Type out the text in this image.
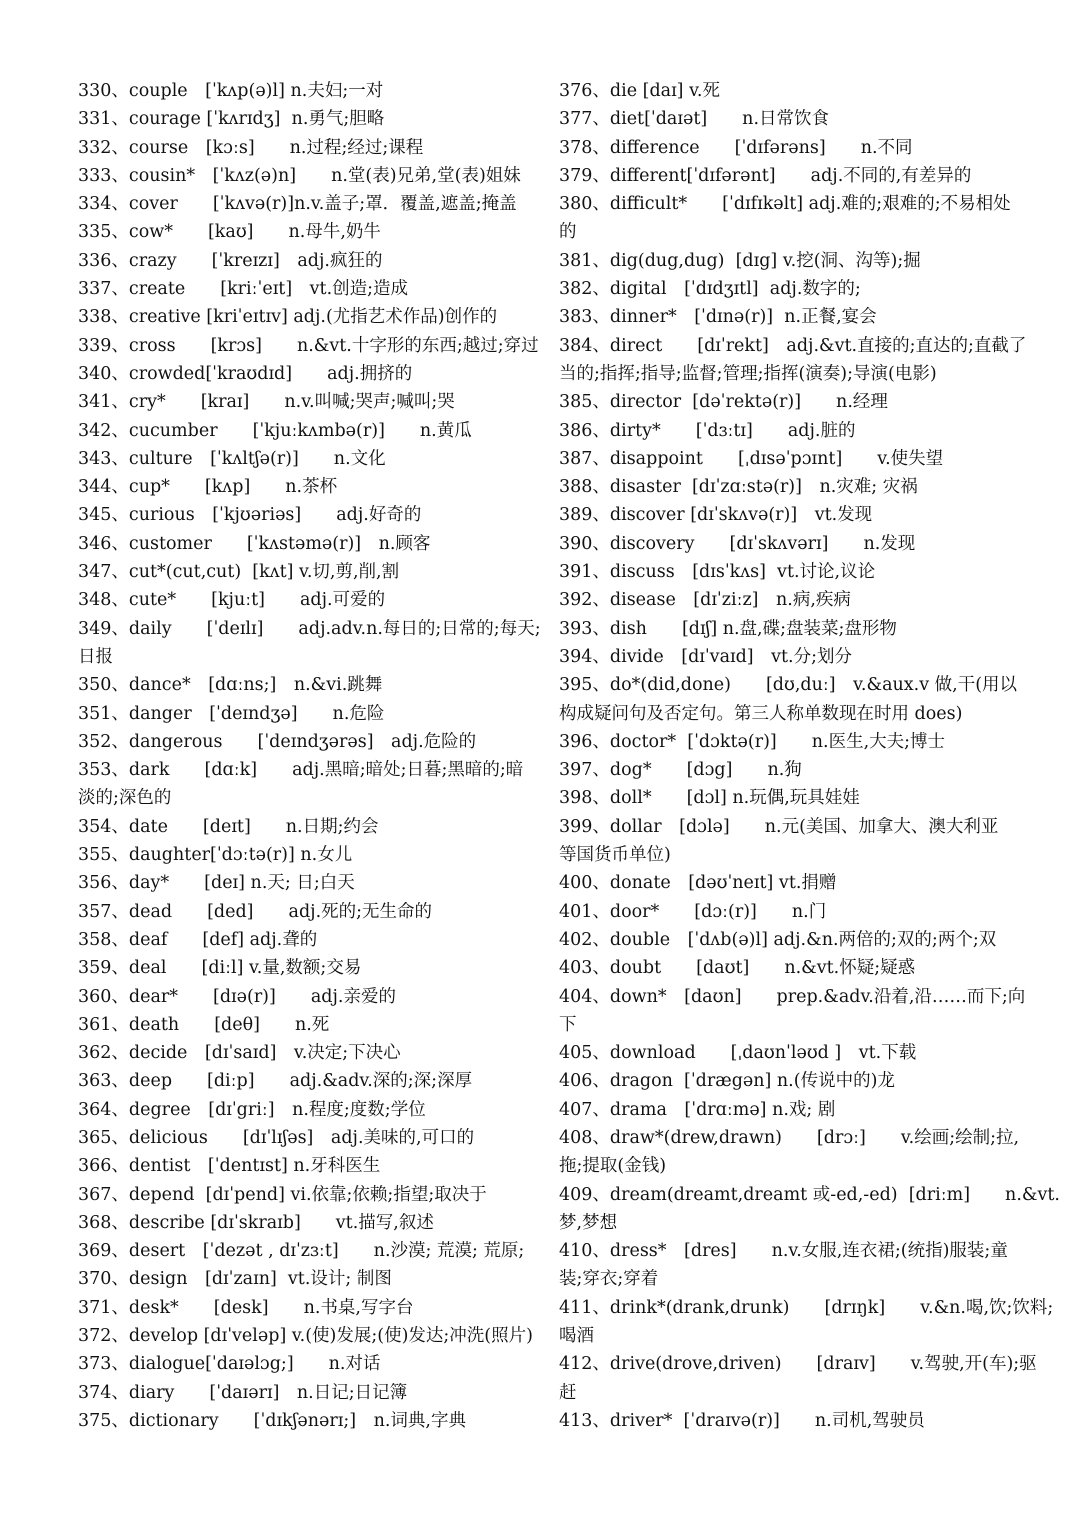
330、couple　[ˈkʌp(ə)l] n.夫妇;一对
331、courage [ˈkʌrɪdʒ]  n.勇气;胆略
332、course　[kɔːs]　　n.过程;经过;课程
333、cousin*　[ˈkʌz(ə)n]　　n.堂(表)兄弟,堂(表)姐妹
334、cover　　[ˈkʌvə(r)]n.v.盖子;罩．覆盖,遮盖;掩盖
335、cow*　　[kaʊ]　　n.母牛,奶牛
336、crazy　　[ˈkreɪzɪ]　adj.疯狂的
337、create　　[kriːˈeɪt]　vt.创造;造成
338、creative [kriˈeɪtɪv] adj.(尤指艺术作品)创作的
339、cross　　[krɔs]　　n.&vt.十字形的东西;越过;穿过
340、crowded[ˈkraʊdɪd]　　adj.拥挤的
341、cry*　　[kraɪ]　　n.v.叫喊;哭声;喊叫;哭
342、cucumber　　[ˈkjuːkʌmbə(r)]　　n.黄瓜
343、culture　[ˈkʌltʃə(r)]　　n.文化
344、cup*　　[kʌp]　　n.茶杯
345、curious　[ˈkjʊəriəs]　　adj.好奇的
346、customer　　[ˈkʌstəmə(r)]　n.顾客
347、cut*(cut,cut)  [kʌt] v.切,剪,削,割
348、cute*　　[kjuːt]　　adj.可爱的
349、daily　　[ˈdeɪlɪ]　　adj.adv.n.每日的;日常的;每天;
日报
350、dance*　[dɑːns;]　n.&vi.跳舞
351、danger　[ˈdeɪndʒə]　　n.危险
352、dangerous　　[ˈdeɪndʒərəs]　adj.危险的
353、dark　　[dɑːk]　　adj.黑暗;暗处;日暮;黑暗的;暗
淡的;深色的
354、date　　[deɪt]　　n.日期;约会
355、daughter[ˈdɔːtə(r)] n.女儿
356、day*　　[deɪ] n.天; 日;白天
357、dead　　[ded]　　adj.死的;无生命的
358、deaf　　[def] adj.聋的
359、deal　　[diːl] v.量,数额;交易
360、dear*　　[dɪə(r)]　　adj.亲爱的
361、death　　[deθ]　　n.死
362、decide　[dɪˈsaɪd]　v.决定;下决心
363、deep　　[diːp]　　adj.&adv.深的;深;深厚
364、degree　[dɪˈgriː]　n.程度;度数;学位
365、delicious　　[dɪˈlɪʃəs]　adj.美味的,可口的
366、dentist　[ˈdentɪst] n.牙科医生
367、depend  [dɪˈpend] vi.依靠;依赖;指望;取决于
368、describe [dɪˈskraɪb]　　vt.描写,叙述
369、desert　[ˈdezət , dɪˈzɜːt]　　n.沙漠; 荒漠; 荒原;
370、design　[dɪˈzaɪn]  vt.设计; 制图
371、desk*　　[desk]　　n.书桌,写字台
372、develop [dɪˈveləp] v.(使)发展;(使)发达;冲洗(照片)
373、dialogue[ˈdaɪəlɔg;]　　n.对话
374、diary　　[ˈdaɪərɪ]　n.日记;日记簿
375、dictionary　　[ˈdɪkʃənərɪ;]　n.词典,字典
376、die [daɪ] v.死
377、diet[ˈdaɪət]　　n.日常饮食
378、difference　　[ˈdɪfərəns]　　n.不同
379、different[ˈdɪfərənt]　　adj.不同的,有差异的
380、difficult*　　[ˈdɪfɪkəlt] adj.难的;艰难的;不易相处
的
381、dig(dug,dug)  [dɪg] v.挖(洞、沟等);掘
382、digital　[ˈdɪdʒɪtl]  adj.数字的;
383、dinner*　[ˈdɪnə(r)]  n.正餐,宴会
384、direct　　[dɪˈrekt]　adj.&vt.直接的;直达的;直截了
当的;指挥;指导;监督;管理;指挥(演奏);导演(电影)
385、director  [dəˈrektə(r)]　　n.经理
386、dirty*　　[ˈdɜːtɪ]　　adj.脏的
387、disappoint　　[ˌdɪsəˈpɔɪnt]　　v.使失望
388、disaster  [dɪˈzɑːstə(r)]　n.灾难; 灾祸
389、discover [dɪˈskʌvə(r)]　vt.发现
390、discovery　　[dɪˈskʌvərɪ]　　n.发现
391、discuss　[dɪsˈkʌs]  vt.讨论,议论
392、disease　[dɪˈziːz]　n.病,疾病
393、dish　　[dɪʃ] n.盘,碟;盘装菜;盘形物
394、divide　[dɪˈvaɪd]　vt.分;划分
395、do*(did,done)　　[dʊ,duː]　v.&aux.v 做,干(用以
构成疑问句及否定句。第三人称单数现在时用 does)
396、doctor*  [ˈdɔktə(r)]　　n.医生,大夫;博士
397、dog*　　[dɔg]　　n.狗
398、doll*　　[dɔl] n.玩偶,玩具娃娃
399、dollar　[dɔlə]　　n.元(美国、加拿大、澳大利亚
等国货币单位)
400、donate　[dəʊˈneɪt] vt.捐赠
401、door*　　[dɔː(r)]　　n.门
402、double　[ˈdʌb(ə)l] adj.&n.两倍的;双的;两个;双
403、doubt　　[daʊt]　　n.&vt.怀疑;疑惑
404、down*　[daʊn]　　prep.&adv.沿着,沿……而下;向
下
405、download　　[ˌdaʊnˈləʊd ]　vt.下载
406、dragon  [ˈdrægən] n.(传说中的)龙
407、drama　[ˈdrɑːmə] n.戏; 剧
408、draw*(drew,drawn)　　[drɔː]　　v.绘画;绘制;拉,
拖;提取(金钱)
409、dream(dreamt,dreamt 或-ed,-ed)  [driːm]　　n.&vt.
梦,梦想
410、dress*　[dres]　　n.v.女服,连衣裙;(统指)服装;童
装;穿衣;穿着
411、drink*(drank,drunk)　　[drɪŋk]　　v.&n.喝,饮;饮料;
喝酒
412、drive(drove,driven)　　[draɪv]　　v.驾驶,开(车);驱
赶
413、driver*  [ˈdraɪvə(r)]　　n.司机,驾驶员
